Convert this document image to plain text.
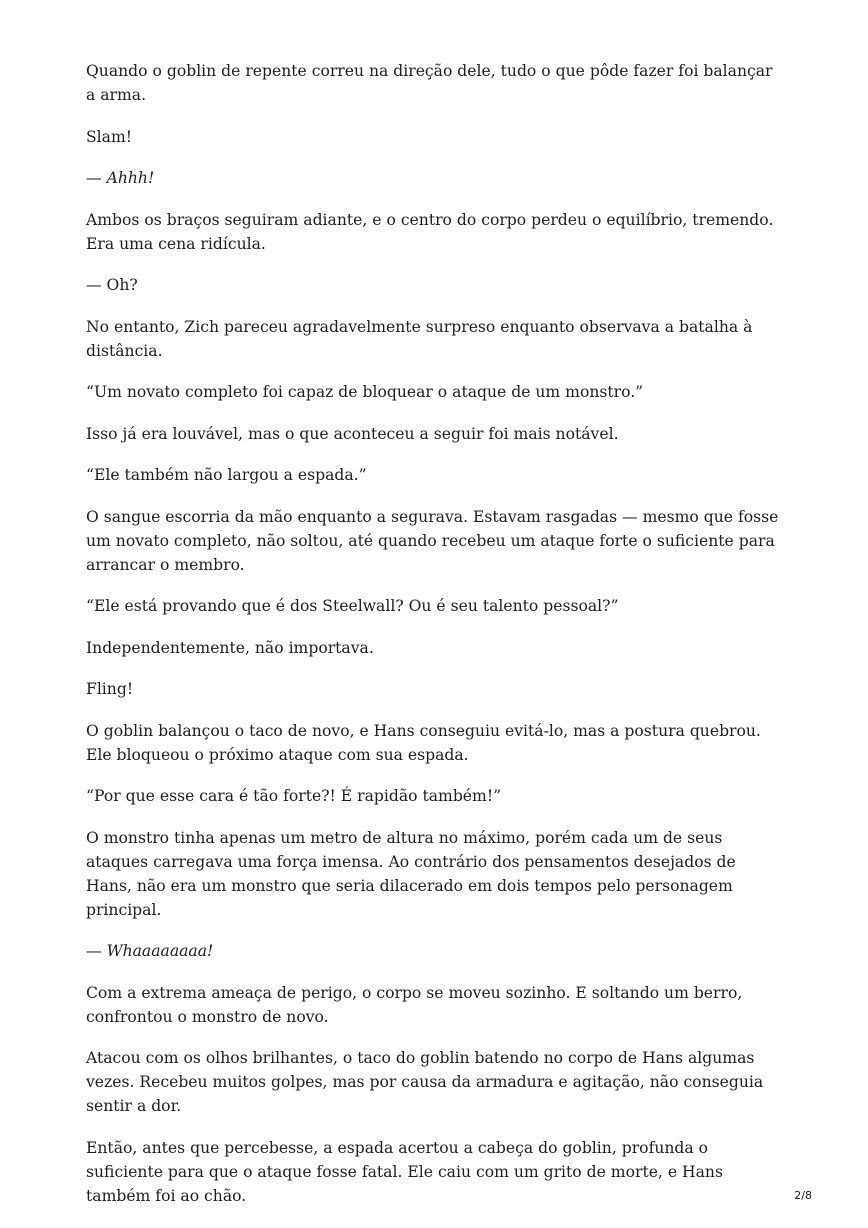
Quando o goblin de repente correu na direção dele, tudo o que pôde fazer foi balançar a arma.

Slam!

— Ahhh!

Ambos os braços seguiram adiante, e o centro do corpo perdeu o equilíbrio, tremendo. Era uma cena ridícula.

— Oh?

No entanto, Zich pareceu agradavelmente surpreso enquanto observava a batalha à distância.

“Um novato completo foi capaz de bloquear o ataque de um monstro.”

Isso já era louvável, mas o que aconteceu a seguir foi mais notável.

“Ele também não largou a espada.”

O sangue escorria da mão enquanto a segurava. Estavam rasgadas — mesmo que fosse um novato completo, não soltou, até quando recebeu um ataque forte o suficiente para arrancar o membro.

“Ele está provando que é dos Steelwall? Ou é seu talento pessoal?”

Independentemente, não importava.

Fling!

O goblin balançou o taco de novo, e Hans conseguiu evitá-lo, mas a postura quebrou. Ele bloqueou o próximo ataque com sua espada.

“Por que esse cara é tão forte?! É rapidão também!”

O monstro tinha apenas um metro de altura no máximo, porém cada um de seus ataques carregava uma força imensa. Ao contrário dos pensamentos desejados de Hans, não era um monstro que seria dilacerado em dois tempos pelo personagem principal.

— Whaaaaaaaa!

Com a extrema ameaça de perigo, o corpo se moveu sozinho. E soltando um berro, confrontou o monstro de novo.

Atacou com os olhos brilhantes, o taco do goblin batendo no corpo de Hans algumas vezes. Recebeu muitos golpes, mas por causa da armadura e agitação, não conseguia sentir a dor.

Então, antes que percebesse, a espada acertou a cabeça do goblin, profunda o suficiente para que o ataque fosse fatal. Ele caiu com um grito de morte, e Hans também foi ao chão.	2/8
